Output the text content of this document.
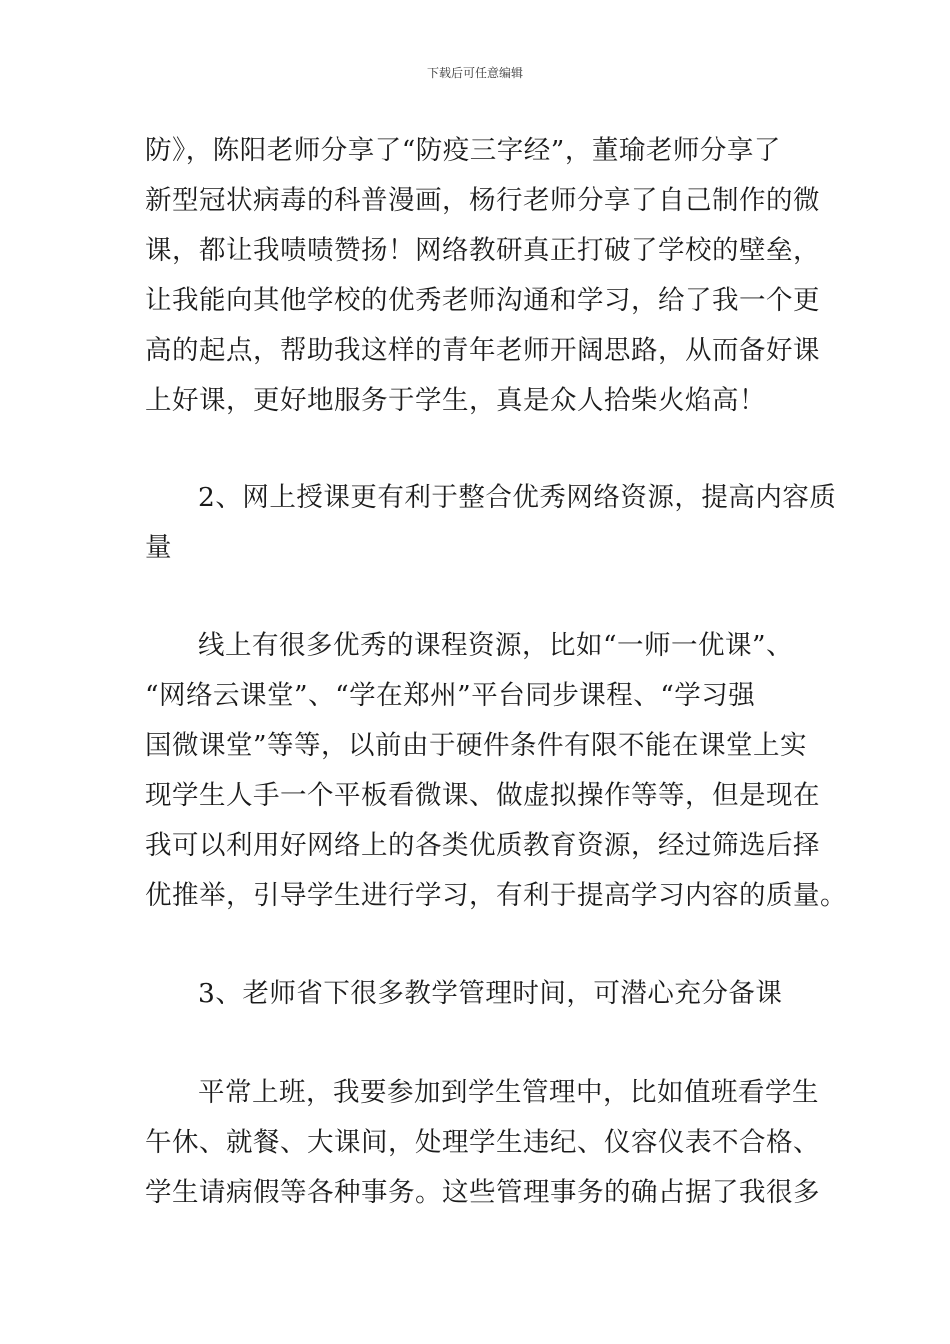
下载后可任意编辑
防》，陈阳老师分享了“防疫三字经”，董瑜老师分享了
新型冠状病毒的科普漫画，杨行老师分享了自己制作的微
课，都让我啧啧赞扬！网络教研真正打破了学校的壁垒，
让我能向其他学校的优秀老师沟通和学习，给了我一个更
高的起点，帮助我这样的青年老师开阔思路，从而备好课
上好课，更好地服务于学生，真是众人拾柴火焰高！
2、网上授课更有利于整合优秀网络资源，提高内容质
量
线上有很多优秀的课程资源，比如“一师一优课”、
“网络云课堂”、“学在郑州”平台同步课程、“学习强
国微课堂”等等，以前由于硬件条件有限不能在课堂上实
现学生人手一个平板看微课、做虚拟操作等等，但是现在
我可以利用好网络上的各类优质教育资源，经过筛选后择
优推举，引导学生进行学习，有利于提高学习内容的质量。
3、老师省下很多教学管理时间，可潜心充分备课
平常上班，我要参加到学生管理中，比如值班看学生
午休、就餐、大课间，处理学生违纪、仪容仪表不合格、
学生请病假等各种事务。这些管理事务的确占据了我很多
